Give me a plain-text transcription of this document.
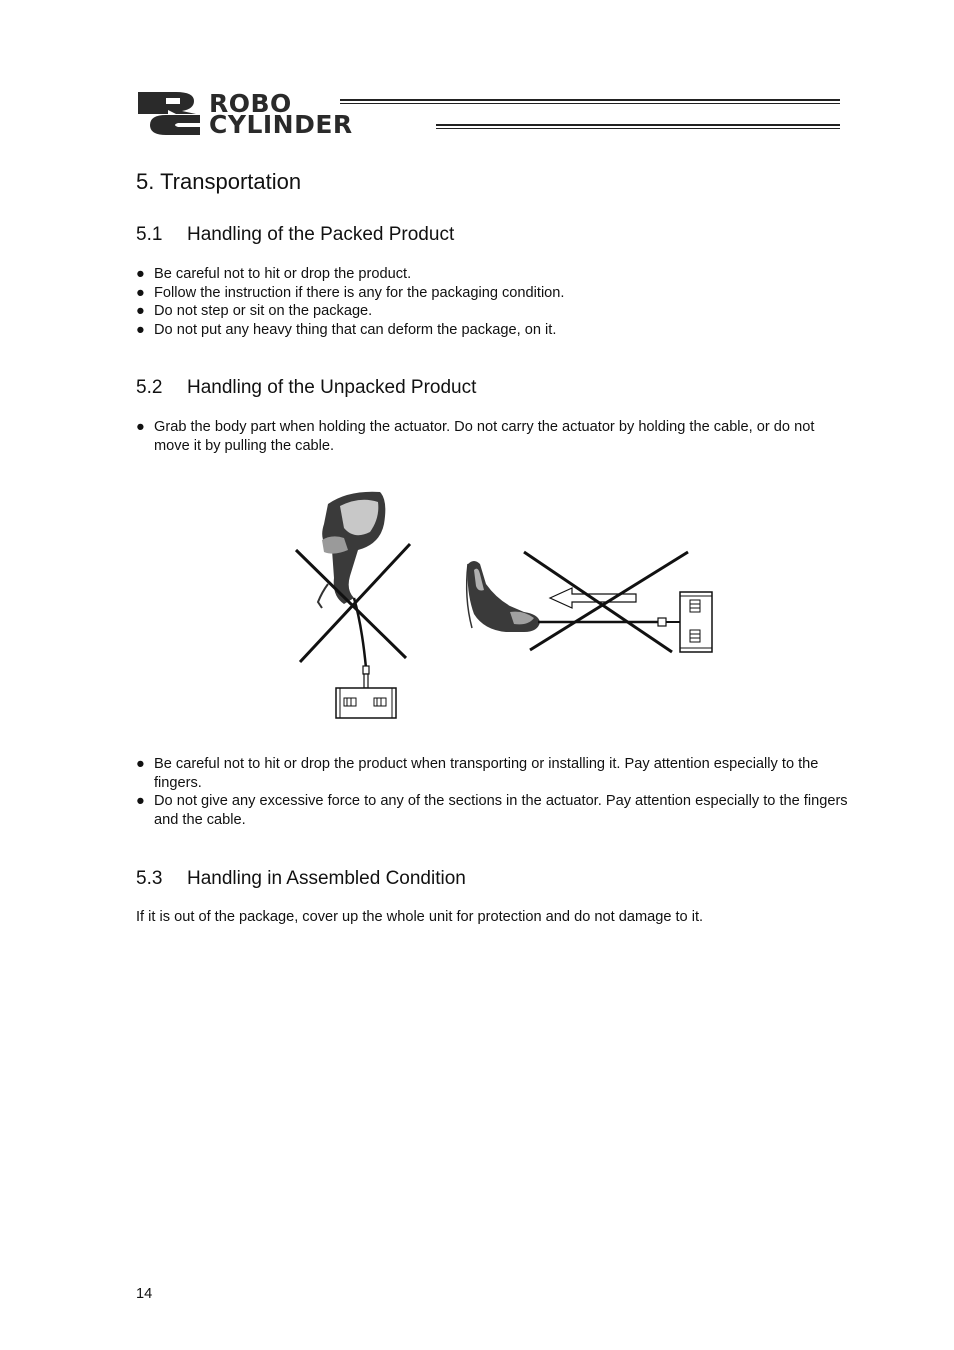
ROBO
CYLINDER
5. Transportation
5.1 Handling of the Packed Product
● Be careful not to hit or drop the product.
● Follow the instruction if there is any for the packaging condition.
● Do not step or sit on the package.
● Do not put any heavy thing that can deform the package, on it.
5.2 Handling of the Unpacked Product
● Grab the body part when holding the actuator. Do not carry the actuator by holding the cable, or do not move it by pulling the cable.
● Be careful not to hit or drop the product when transporting or installing it. Pay attention especially to the fingers.
● Do not give any excessive force to any of the sections in the actuator. Pay attention especially to the fingers and the cable.
5.3 Handling in Assembled Condition
If it is out of the package, cover up the whole unit for protection and do not damage to it.
14
